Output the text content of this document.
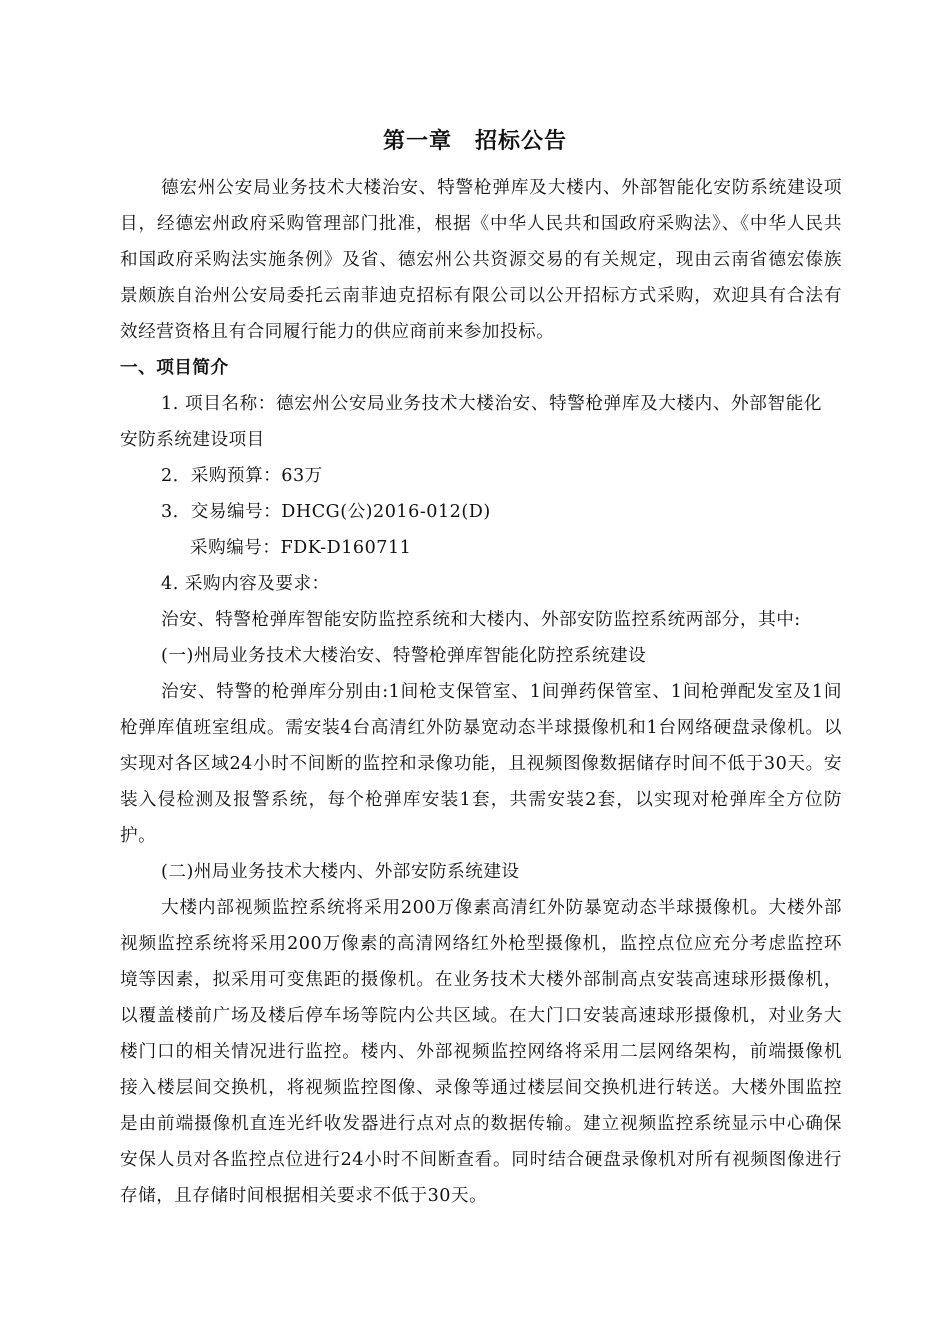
第一章　招标公告

德宏州公安局业务技术大楼治安、特警枪弹库及大楼内、外部智能化安防系统建设项目，经德宏州政府采购管理部门批准，根据《中华人民共和国政府采购法》、《中华人民共和国政府采购法实施条例》及省、德宏州公共资源交易的有关规定，现由云南省德宏傣族景颇族自治州公安局委托云南菲迪克招标有限公司以公开招标方式采购，欢迎具有合法有效经营资格且有合同履行能力的供应商前来参加投标。

一、项目简介

1. 项目名称：德宏州公安局业务技术大楼治安、特警枪弹库及大楼内、外部智能化安防系统建设项目

2．采购预算：63万
3．交易编号：DHCG(公)2016-012(D)
采购编号：FDK-D160711
4. 采购内容及要求：
治安、特警枪弹库智能安防监控系统和大楼内、外部安防监控系统两部分，其中:
(一)州局业务技术大楼治安、特警枪弹库智能化防控系统建设

治安、特警的枪弹库分别由:1间枪支保管室、1间弹药保管室、1间枪弹配发室及1间枪弹库值班室组成。需安装4台高清红外防暴宽动态半球摄像机和1台网络硬盘录像机。以实现对各区域24小时不间断的监控和录像功能，且视频图像数据储存时间不低于30天。安装入侵检测及报警系统，每个枪弹库安装1套，共需安装2套，以实现对枪弹库全方位防护。

(二)州局业务技术大楼内、外部安防系统建设

大楼内部视频监控系统将采用200万像素高清红外防暴宽动态半球摄像机。大楼外部视频监控系统将采用200万像素的高清网络红外枪型摄像机，监控点位应充分考虑监控环境等因素，拟采用可变焦距的摄像机。在业务技术大楼外部制高点安装高速球形摄像机，以覆盖楼前广场及楼后停车场等院内公共区域。在大门口安装高速球形摄像机，对业务大楼门口的相关情况进行监控。楼内、外部视频监控网络将采用二层网络架构，前端摄像机接入楼层间交换机，将视频监控图像、录像等通过楼层间交换机进行转送。大楼外围监控是由前端摄像机直连光纤收发器进行点对点的数据传输。建立视频监控系统显示中心确保安保人员对各监控点位进行24小时不间断查看。同时结合硬盘录像机对所有视频图像进行存储，且存储时间根据相关要求不低于30天。
